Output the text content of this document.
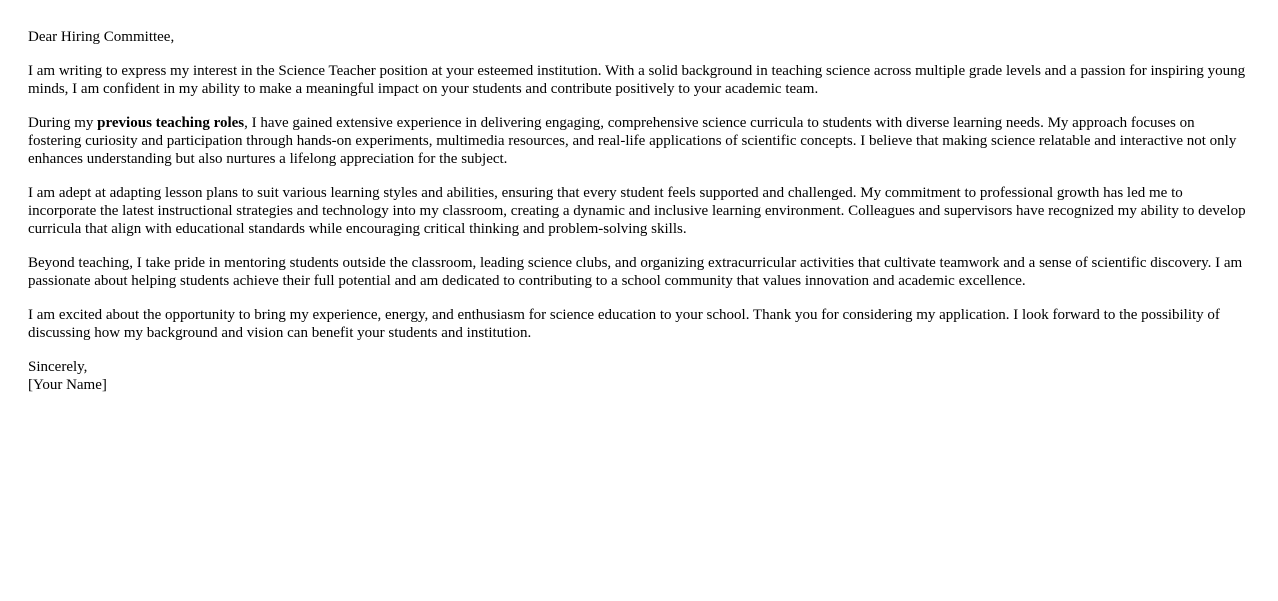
Dear Hiring Committee,

I am writing to express my interest in the Science Teacher position at your esteemed institution. With a solid background in teaching science across multiple grade levels and a passion for inspiring young minds, I am confident in my ability to make a meaningful impact on your students and contribute positively to your academic team.

During my previous teaching roles, I have gained extensive experience in delivering engaging, comprehensive science curricula to students with diverse learning needs. My approach focuses on fostering curiosity and participation through hands-on experiments, multimedia resources, and real-life applications of scientific concepts. I believe that making science relatable and interactive not only enhances understanding but also nurtures a lifelong appreciation for the subject.

I am adept at adapting lesson plans to suit various learning styles and abilities, ensuring that every student feels supported and challenged. My commitment to professional growth has led me to incorporate the latest instructional strategies and technology into my classroom, creating a dynamic and inclusive learning environment. Colleagues and supervisors have recognized my ability to develop curricula that align with educational standards while encouraging critical thinking and problem-solving skills.

Beyond teaching, I take pride in mentoring students outside the classroom, leading science clubs, and organizing extracurricular activities that cultivate teamwork and a sense of scientific discovery. I am passionate about helping students achieve their full potential and am dedicated to contributing to a school community that values innovation and academic excellence.

I am excited about the opportunity to bring my experience, energy, and enthusiasm for science education to your school. Thank you for considering my application. I look forward to the possibility of discussing how my background and vision can benefit your students and institution.

Sincerely,
[Your Name]
